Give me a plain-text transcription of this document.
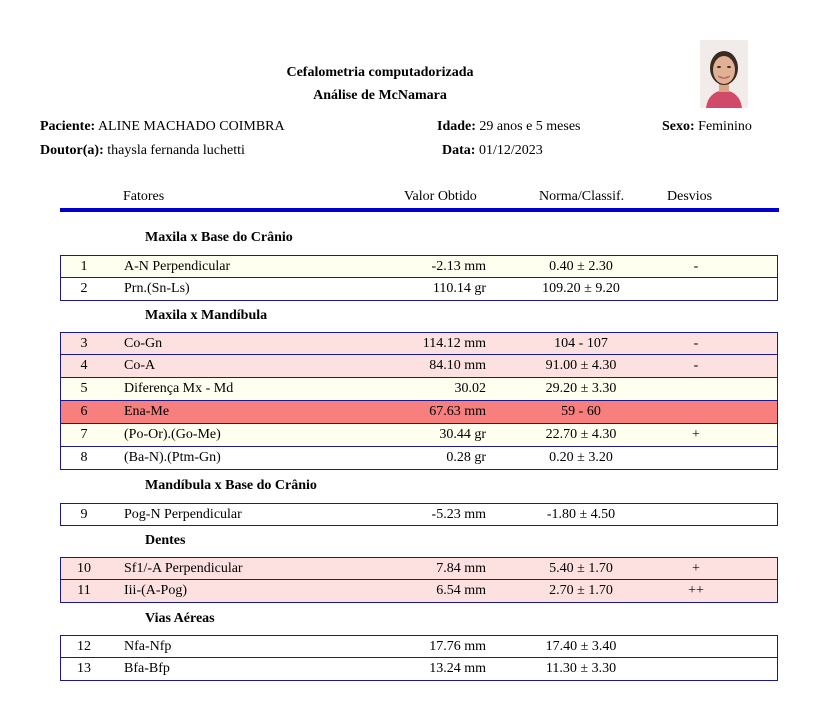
Cefalometria computadorizada
Análise de McNamara
Paciente: ALINE MACHADO COIMBRA	Idade: 29 anos e 5 meses	Sexo: Feminino
Doutor(a): thaysla fernanda luchetti	Data: 01/12/2023
Fatores	Valor Obtido	Norma/Classif.	Desvios
Maxila x Base do Crânio
1	A-N Perpendicular	-2.13 mm	0.40 ± 2.30	-
2	Prn.(Sn-Ls)	110.14 gr	109.20 ± 9.20
Maxila x Mandíbula
3	Co-Gn	114.12 mm	104 - 107	-
4	Co-A	84.10 mm	91.00 ± 4.30	-
5	Diferença Mx - Md	30.02	29.20 ± 3.30
6	Ena-Me	67.63 mm	59 - 60
7	(Po-Or).(Go-Me)	30.44 gr	22.70 ± 4.30	+
8	(Ba-N).(Ptm-Gn)	0.28 gr	0.20 ± 3.20
Mandíbula x Base do Crânio
9	Pog-N Perpendicular	-5.23 mm	-1.80 ± 4.50
Dentes
10	Sf1/-A Perpendicular	7.84 mm	5.40 ± 1.70	+
11	Iii-(A-Pog)	6.54 mm	2.70 ± 1.70	++
Vias Aéreas
12	Nfa-Nfp	17.76 mm	17.40 ± 3.40
13	Bfa-Bfp	13.24 mm	11.30 ± 3.30
